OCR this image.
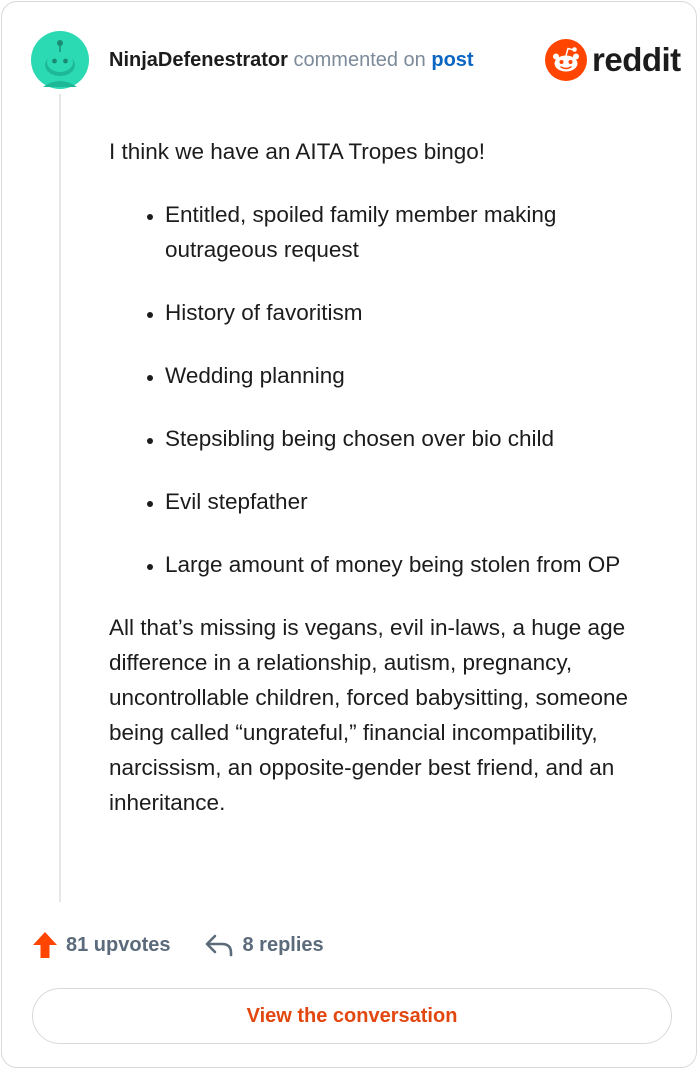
NinjaDefenestrator commented on post	reddit

I think we have an AITA Tropes bingo!

• Entitled, spoiled family member making outrageous request
• History of favoritism
• Wedding planning
• Stepsibling being chosen over bio child
• Evil stepfather
• Large amount of money being stolen from OP

All that’s missing is vegans, evil in-laws, a huge age difference in a relationship, autism, pregnancy, uncontrollable children, forced babysitting, someone being called “ungrateful,” financial incompatibility, narcissism, an opposite-gender best friend, and an inheritance.

81 upvotes	8 replies
View the conversation
